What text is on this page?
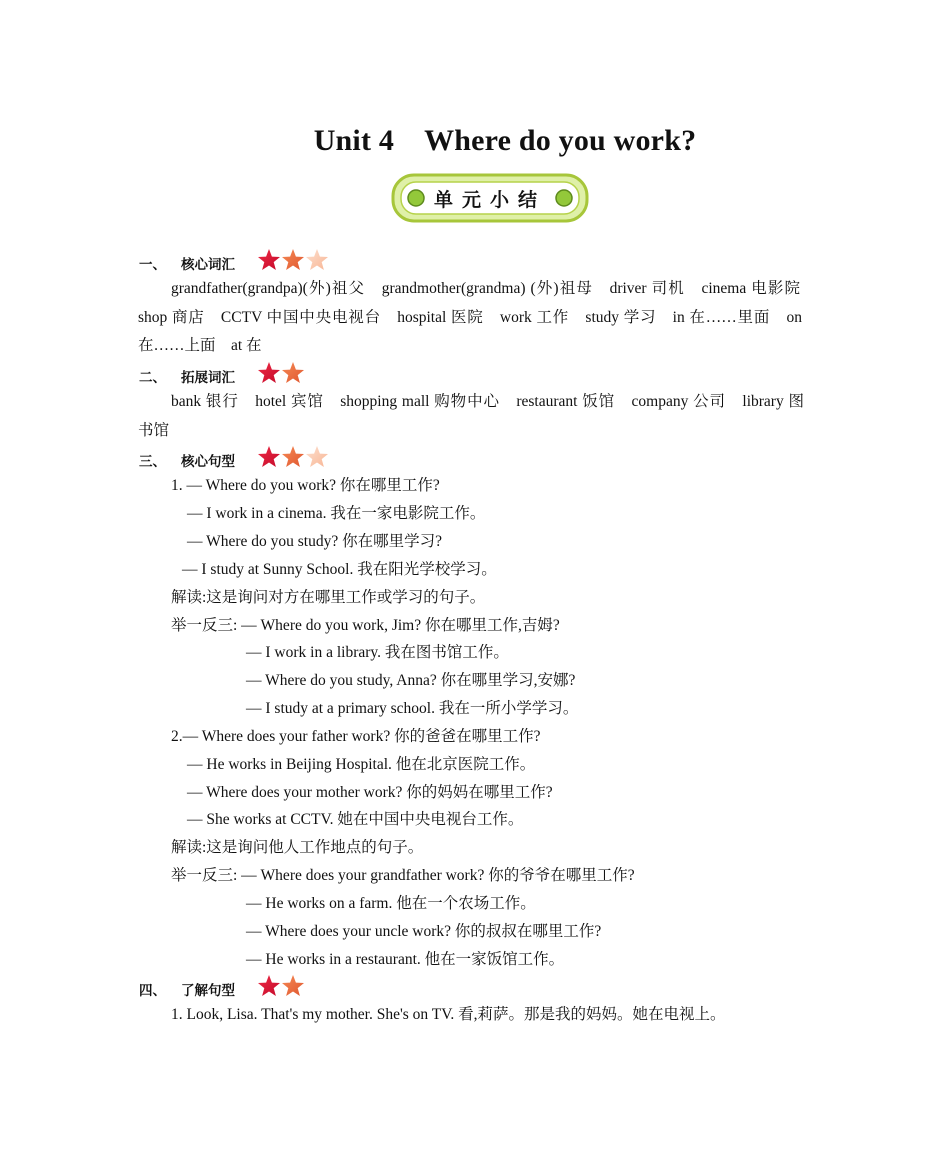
Unit 4 Where do you work?
单元小结
一、 核心词汇
grandfather(grandpa)(外)祖父　grandmother(grandma) (外)祖母　driver 司机　cinema 电影院
shop 商店　CCTV 中国中央电视台　hospital 医院　work 工作　study 学习　in 在……里面　on
在……上面　at 在
二、 拓展词汇
bank 银行　hotel 宾馆　shopping mall 购物中心　restaurant 饭馆　company 公司　library 图
书馆
三、 核心句型
1. — Where do you work? 你在哪里工作?
— I work in a cinema. 我在一家电影院工作。
— Where do you study? 你在哪里学习?
— I study at Sunny School. 我在阳光学校学习。
解读:这是询问对方在哪里工作或学习的句子。
举一反三: — Where do you work, Jim? 你在哪里工作,吉姆?
— I work in a library. 我在图书馆工作。
— Where do you study, Anna? 你在哪里学习,安娜?
— I study at a primary school. 我在一所小学学习。
2.— Where does your father work? 你的爸爸在哪里工作?
— He works in Beijing Hospital. 他在北京医院工作。
— Where does your mother work? 你的妈妈在哪里工作?
— She works at CCTV. 她在中国中央电视台工作。
解读:这是询问他人工作地点的句子。
举一反三: — Where does your grandfather work? 你的爷爷在哪里工作?
— He works on a farm. 他在一个农场工作。
— Where does your uncle work? 你的叔叔在哪里工作?
— He works in a restaurant. 他在一家饭馆工作。
四、 了解句型
1. Look, Lisa. That's my mother. She's on TV. 看,莉萨。那是我的妈妈。她在电视上。
